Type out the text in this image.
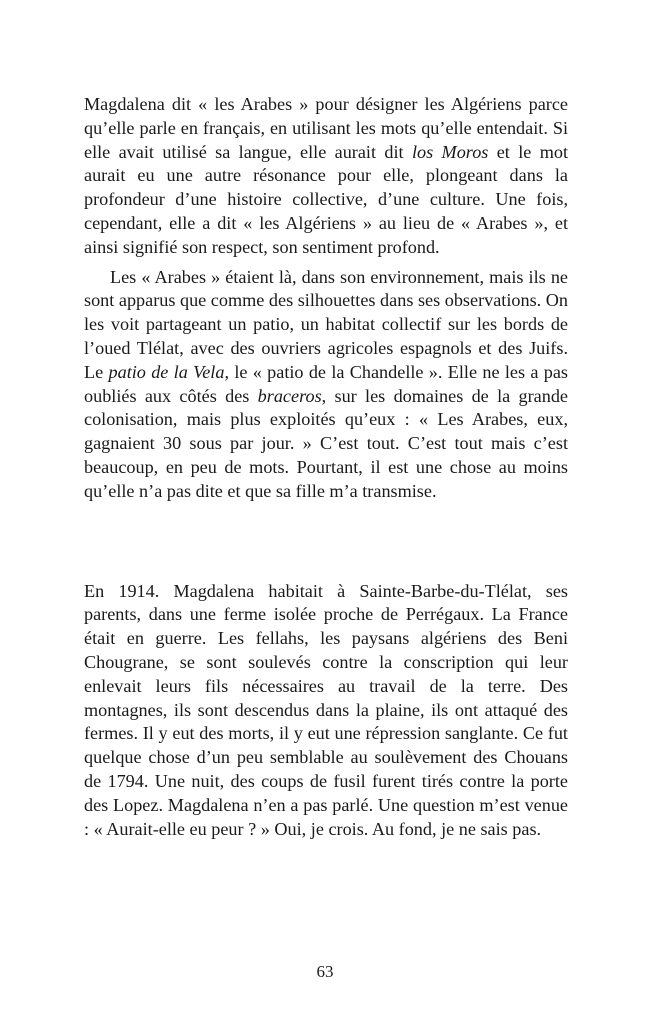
Magdalena dit « les Arabes » pour désigner les Algériens parce qu’elle parle en français, en utilisant les mots qu’elle entendait. Si elle avait utilisé sa langue, elle aurait dit los Moros et le mot aurait eu une autre résonance pour elle, plongeant dans la profondeur d’une histoire collective, d’une culture. Une fois, cependant, elle a dit « les Algériens » au lieu de « Arabes », et ainsi signifié son respect, son sentiment profond.

Les « Arabes » étaient là, dans son environnement, mais ils ne sont apparus que comme des silhouettes dans ses observations. On les voit partageant un patio, un habitat collectif sur les bords de l’oued Tlélat, avec des ouvriers agricoles espagnols et des Juifs. Le patio de la Vela, le « patio de la Chandelle ». Elle ne les a pas oubliés aux côtés des braceros, sur les domaines de la grande colonisation, mais plus exploités qu’eux : « Les Arabes, eux, gagnaient 30 sous par jour. » C’est tout. C’est tout mais c’est beaucoup, en peu de mots. Pourtant, il est une chose au moins qu’elle n’a pas dite et que sa fille m’a transmise.

En 1914. Magdalena habitait à Sainte-Barbe-du-Tlélat, ses parents, dans une ferme isolée proche de Perrégaux. La France était en guerre. Les fellahs, les paysans algériens des Beni Chougrane, se sont soulevés contre la conscription qui leur enlevait leurs fils nécessaires au travail de la terre. Des montagnes, ils sont descendus dans la plaine, ils ont attaqué des fermes. Il y eut des morts, il y eut une répression sanglante. Ce fut quelque chose d’un peu semblable au soulèvement des Chouans de 1794. Une nuit, des coups de fusil furent tirés contre la porte des Lopez. Magdalena n’en a pas parlé. Une question m’est venue : « Aurait-elle eu peur ? » Oui, je crois. Au fond, je ne sais pas.

63
